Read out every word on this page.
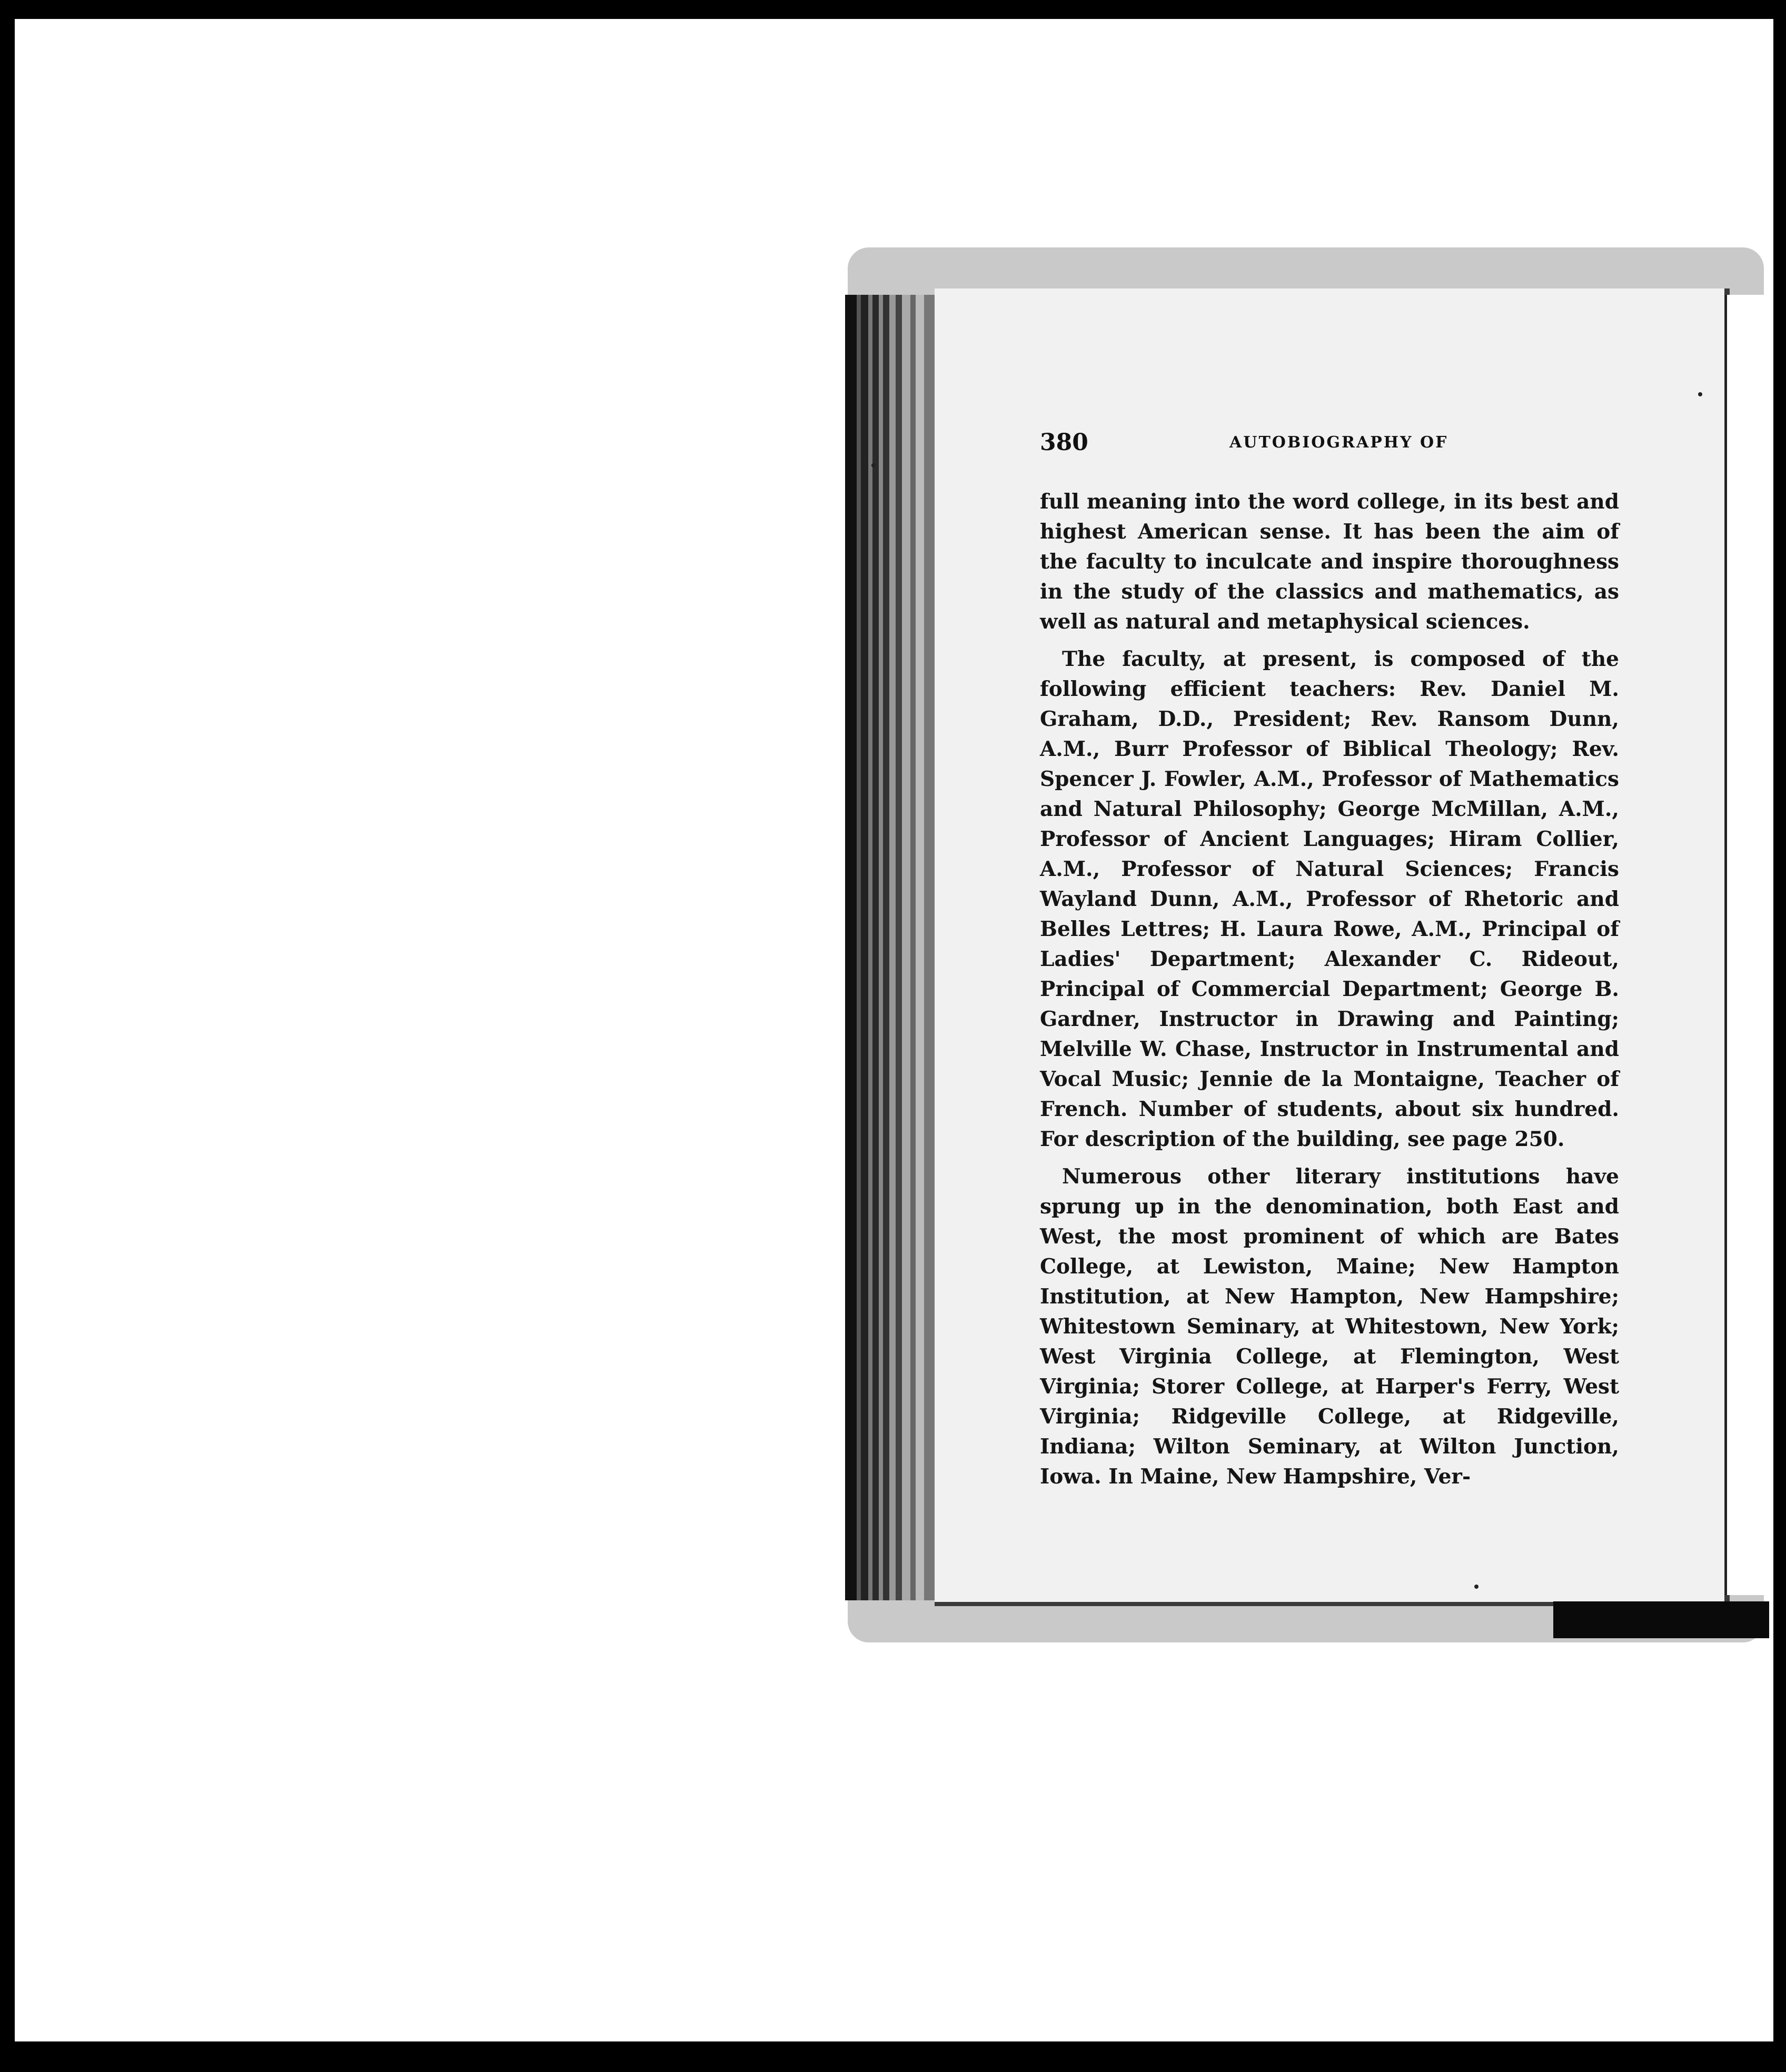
380	AUTOBIOGRAPHY OF

full meaning into the word college, in its best and highest American sense. It has been the aim of the faculty to inculcate and inspire thoroughness in the study of the classics and mathematics, as well as natural and metaphysical sciences.

The faculty, at present, is composed of the following efficient teachers: Rev. Daniel M. Graham, D.D., President; Rev. Ransom Dunn, A.M., Burr Professor of Biblical Theology; Rev. Spencer J. Fowler, A.M., Professor of Mathematics and Natural Philosophy; George McMillan, A.M., Professor of Ancient Languages; Hiram Collier, A.M., Professor of Natural Sciences; Francis Wayland Dunn, A.M., Professor of Rhetoric and Belles Lettres; H. Laura Rowe, A.M., Principal of Ladies' Department; Alexander C. Rideout, Principal of Commercial Department; George B. Gardner, Instructor in Drawing and Painting; Melville W. Chase, Instructor in Instrumental and Vocal Music; Jennie de la Montaigne, Teacher of French. Number of students, about six hundred. For description of the building, see page 250.

Numerous other literary institutions have sprung up in the denomination, both East and West, the most prominent of which are Bates College, at Lewiston, Maine; New Hampton Institution, at New Hampton, New Hampshire; Whitestown Seminary, at Whitestown, New York; West Virginia College, at Flemington, West Virginia; Storer College, at Harper's Ferry, West Virginia; Ridgeville College, at Ridgeville, Indiana; Wilton Seminary, at Wilton Junction, Iowa. In Maine, New Hampshire, Ver-
